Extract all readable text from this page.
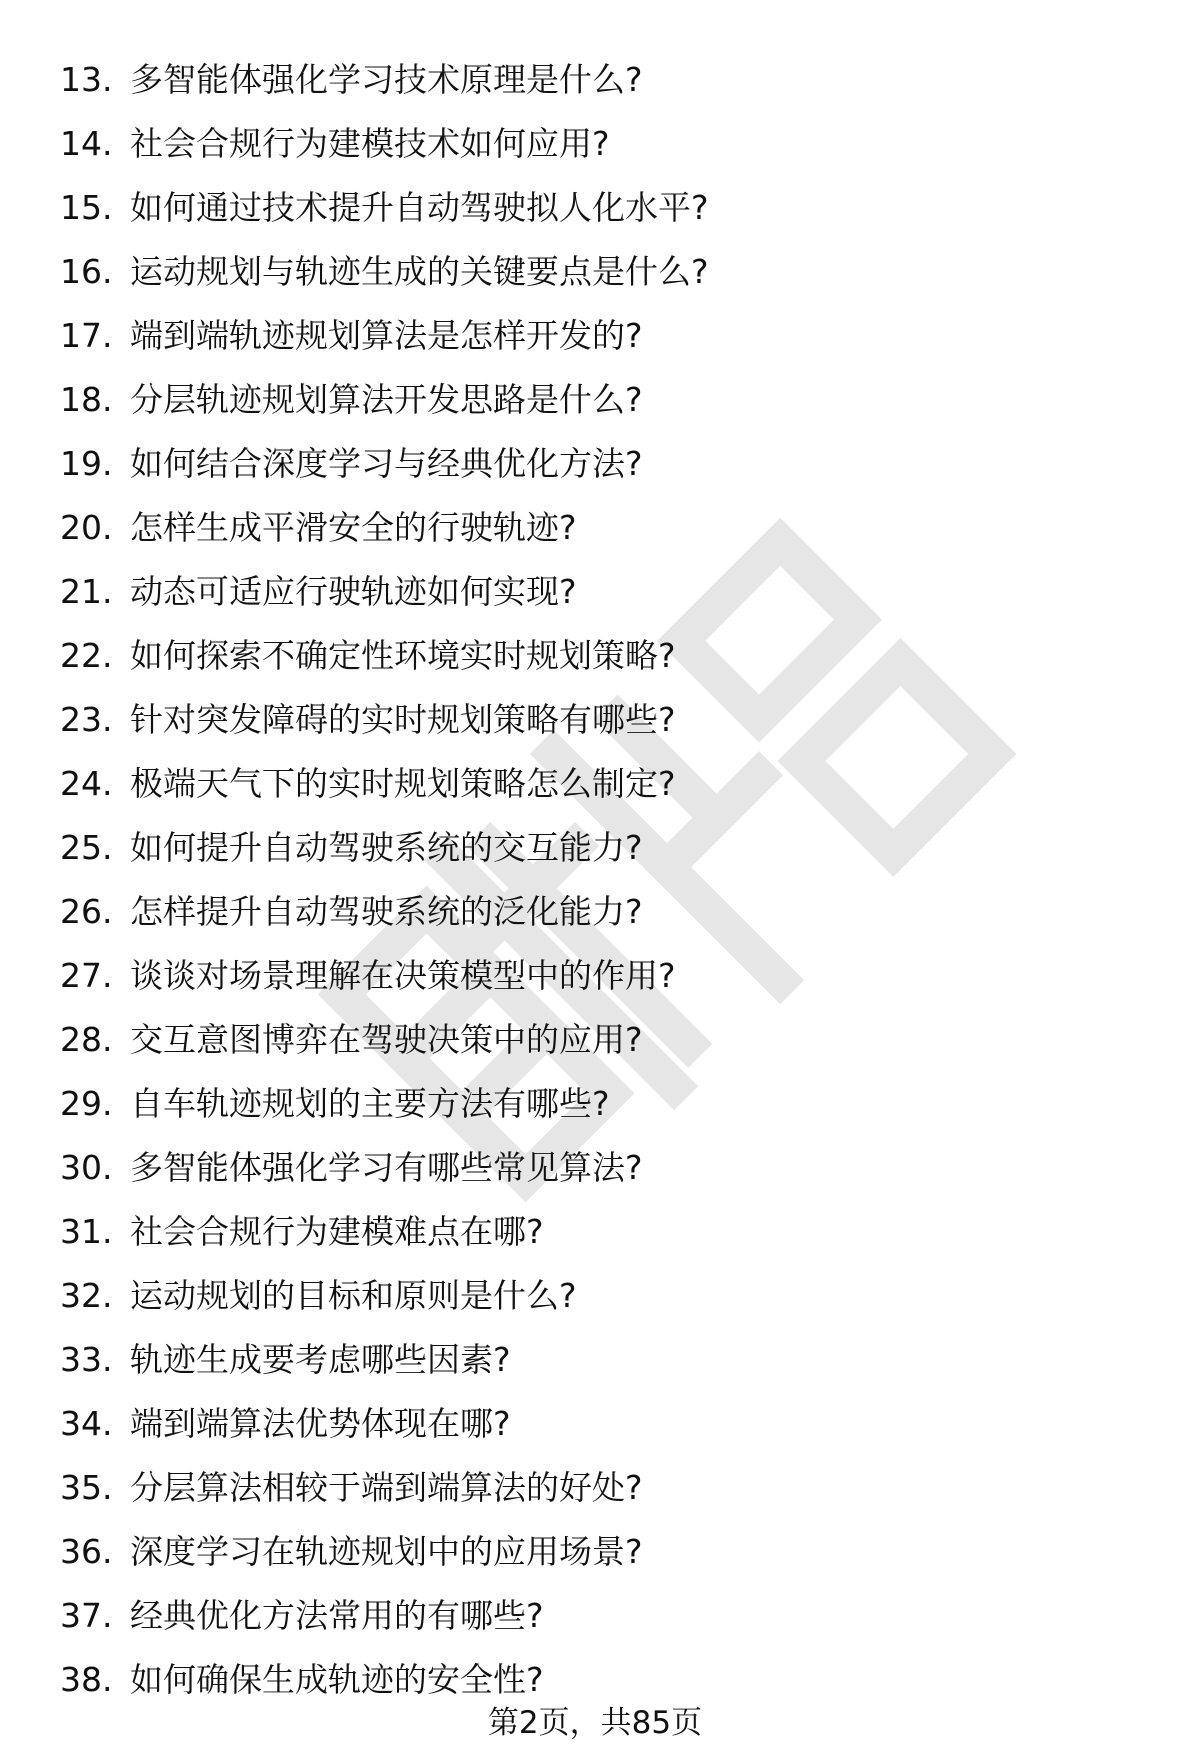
13. 多智能体强化学习技术原理是什么?
14. 社会合规行为建模技术如何应用?
15. 如何通过技术提升自动驾驶拟人化水平?
16. 运动规划与轨迹生成的关键要点是什么?
17. 端到端轨迹规划算法是怎样开发的?
18. 分层轨迹规划算法开发思路是什么?
19. 如何结合深度学习与经典优化方法?
20. 怎样生成平滑安全的行驶轨迹?
21. 动态可适应行驶轨迹如何实现?
22. 如何探索不确定性环境实时规划策略?
23. 针对突发障碍的实时规划策略有哪些?
24. 极端天气下的实时规划策略怎么制定?
25. 如何提升自动驾驶系统的交互能力?
26. 怎样提升自动驾驶系统的泛化能力?
27. 谈谈对场景理解在决策模型中的作用?
28. 交互意图博弈在驾驶决策中的应用?
29. 自车轨迹规划的主要方法有哪些?
30. 多智能体强化学习有哪些常见算法?
31. 社会合规行为建模难点在哪?
32. 运动规划的目标和原则是什么?
33. 轨迹生成要考虑哪些因素?
34. 端到端算法优势体现在哪?
35. 分层算法相较于端到端算法的好处?
36. 深度学习在轨迹规划中的应用场景?
37. 经典优化方法常用的有哪些?
38. 如何确保生成轨迹的安全性?
第2页，共85页
